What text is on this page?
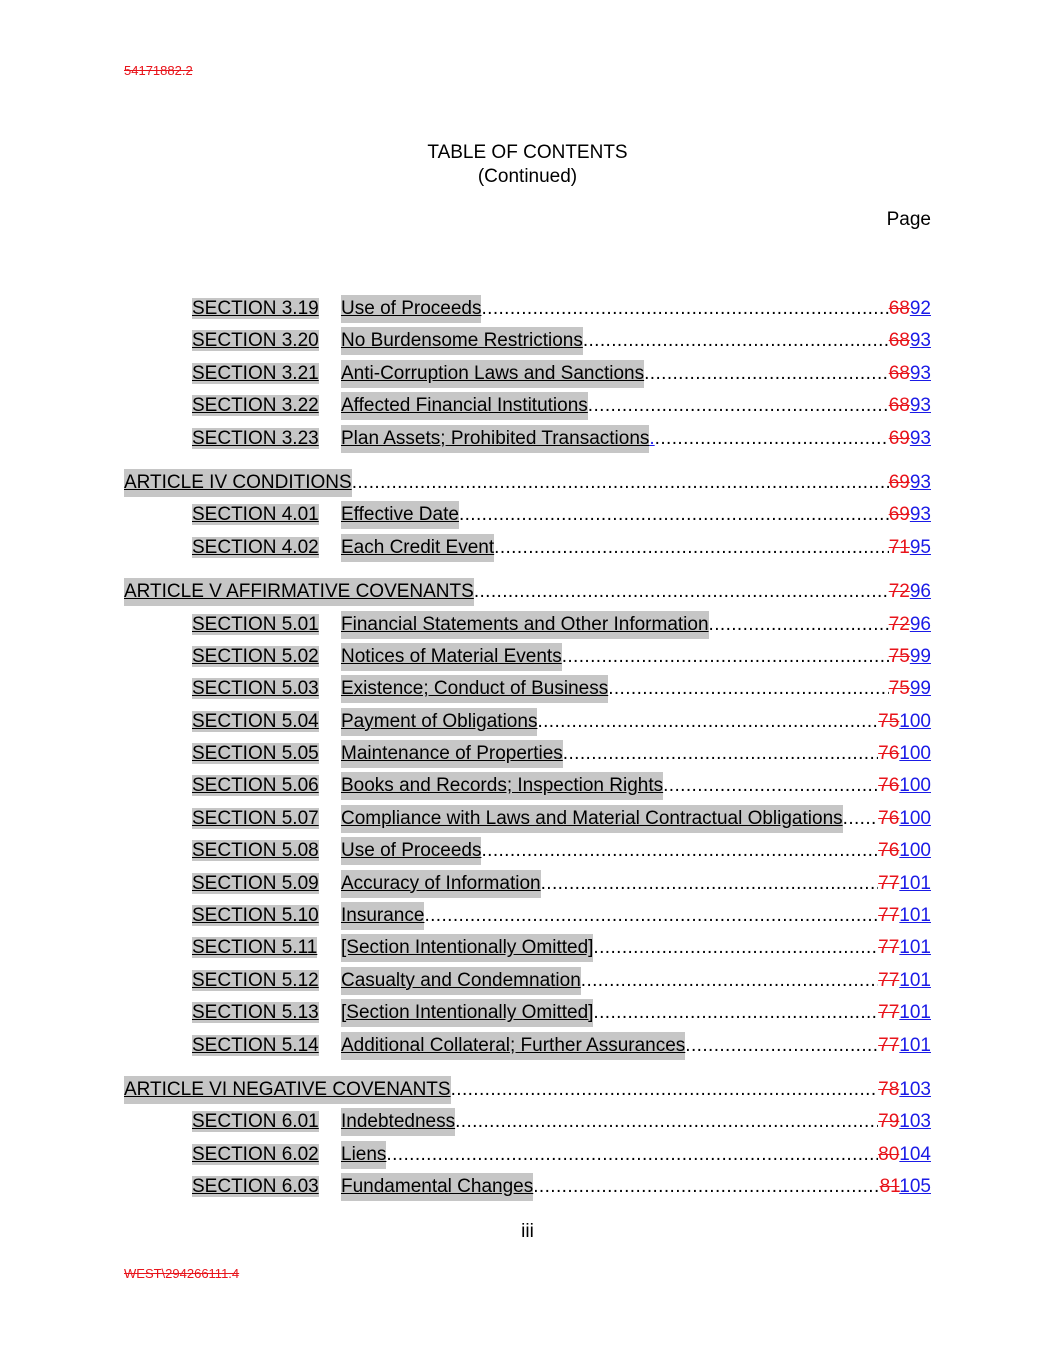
54171882.2
TABLE OF CONTENTS
(Continued)
Page
SECTION 3.19	Use of Proceeds .....	6892
SECTION 3.20	No Burdensome Restrictions .....	6893
SECTION 3.21	Anti-Corruption Laws and Sanctions .....	6893
SECTION 3.22	Affected Financial Institutions .....	6893
SECTION 3.23	Plan Assets; Prohibited Transactions . .....	6993
ARTICLE IV CONDITIONS .....	6993
SECTION 4.01	Effective Date .....	6993
SECTION 4.02	Each Credit Event .....	7195
ARTICLE V AFFIRMATIVE COVENANTS .....	7296
SECTION 5.01	Financial Statements and Other Information .....	7296
SECTION 5.02	Notices of Material Events .....	7599
SECTION 5.03	Existence; Conduct of Business .....	7599
SECTION 5.04	Payment of Obligations .....	75100
SECTION 5.05	Maintenance of Properties .....	76100
SECTION 5.06	Books and Records; Inspection Rights .....	76100
SECTION 5.07	Compliance with Laws and Material Contractual Obligations ..... 76100
SECTION 5.08	Use of Proceeds .....	76100
SECTION 5.09	Accuracy of Information .....	77101
SECTION 5.10	Insurance .....	77101
SECTION 5.11	[Section Intentionally Omitted] .....	77101
SECTION 5.12	Casualty and Condemnation .....	77101
SECTION 5.13	[Section Intentionally Omitted] .....	77101
SECTION 5.14	Additional Collateral; Further Assurances .....	77101
ARTICLE VI NEGATIVE COVENANTS .....	78103
SECTION 6.01	Indebtedness .....	79103
SECTION 6.02	Liens .....	80104
SECTION 6.03	Fundamental Changes .....	81105
iii
WEST\294266111.4
